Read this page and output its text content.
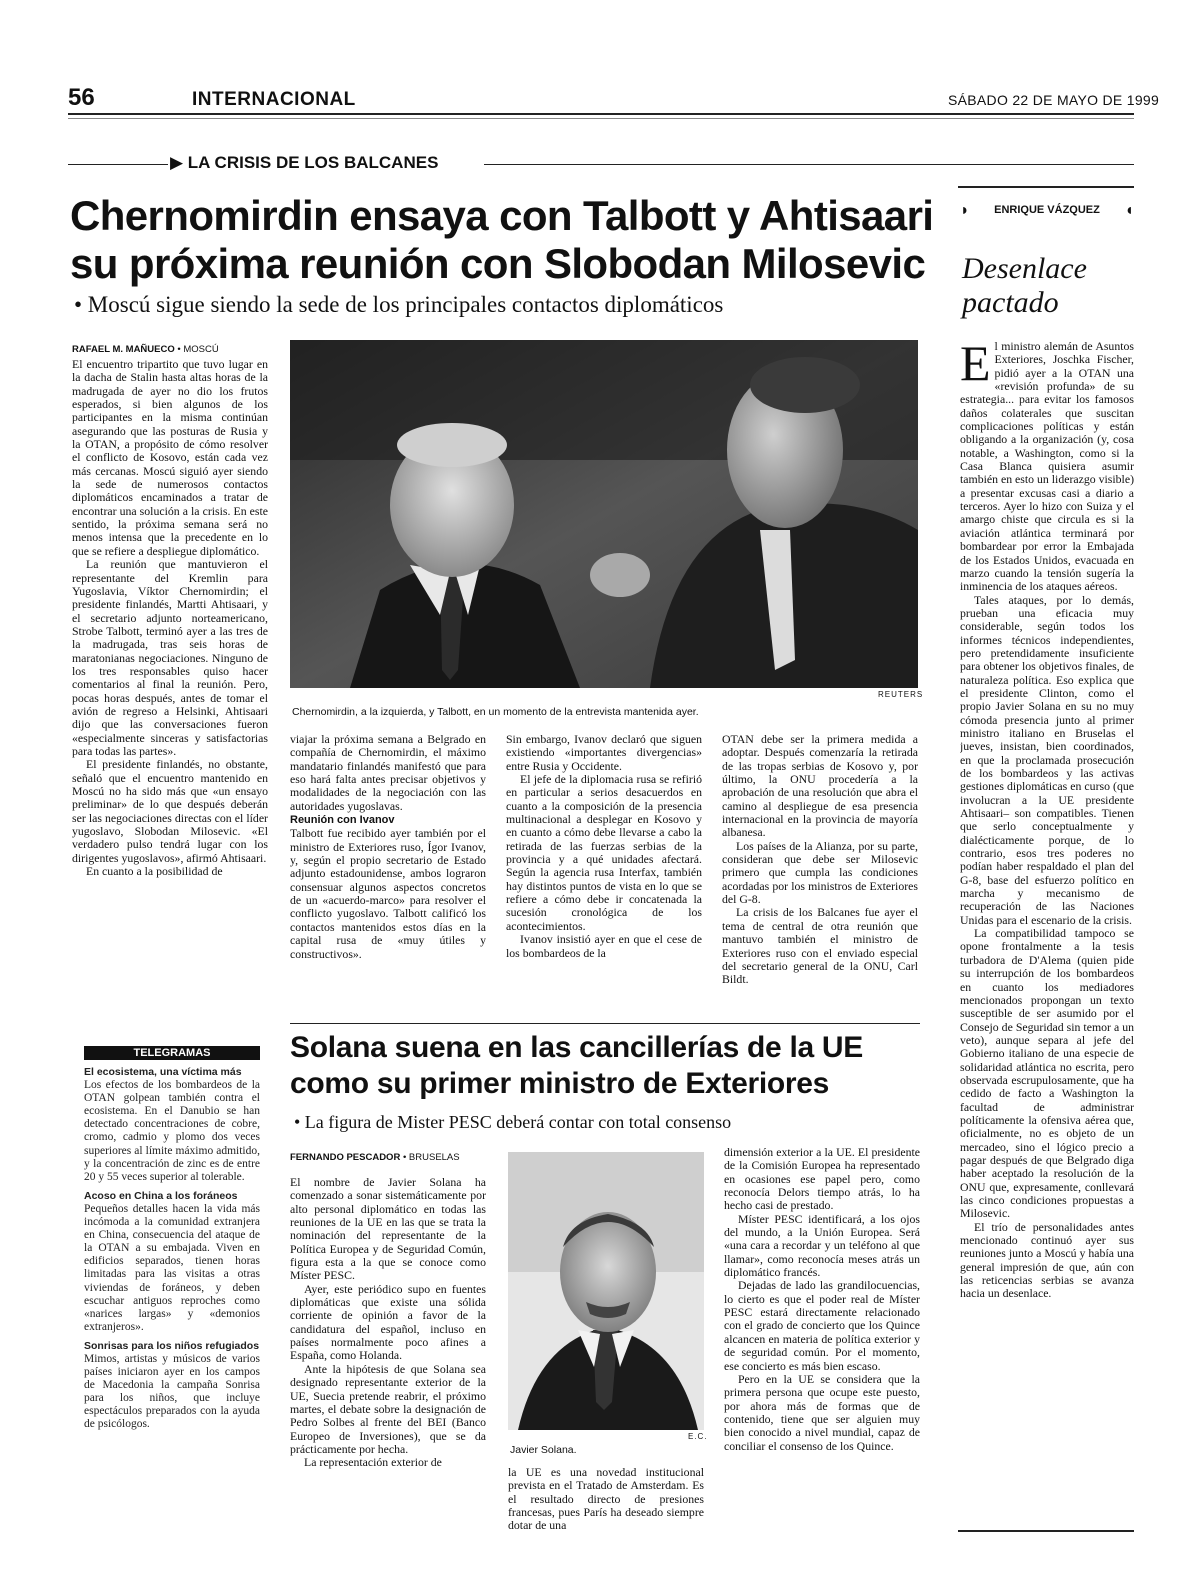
56	INTERNACIONAL	SÁBADO 22 DE MAYO DE 1999
▶ LA CRISIS DE LOS BALCANES
Chernomirdin ensaya con Talbott y Ahtisaari
su próxima reunión con Slobodan Milosevic
• Moscú sigue siendo la sede de los principales contactos diplomáticos
RAFAEL M. MAÑUECO • MOSCÚ
REUTERS
Chernomirdin, a la izquierda, y Talbott, en un momento de la entrevista mantenida ayer.

El encuentro tripartito que tuvo lugar en la dacha de Stalin hasta altas horas de la madrugada de ayer no dio los frutos esperados, si bien algunos de los participantes en la misma continúan asegurando que las posturas de Rusia y la OTAN, a propósito de cómo resolver el conflicto de Kosovo, están cada vez más cercanas. Moscú siguió ayer siendo la sede de numerosos contactos diplomáticos encaminados a tratar de encontrar una solución a la crisis. En este sentido, la próxima semana será no menos intensa que la precedente en lo que se refiere a despliegue diplomático.

La reunión que mantuvieron el representante del Kremlin para Yugoslavia, Víktor Chernomirdin; el presidente finlandés, Martti Ahtisaari, y el secretario adjunto norteamericano, Strobe Talbott, terminó ayer a las tres de la madrugada, tras seis horas de maratonianas negociaciones. Ninguno de los tres responsables quiso hacer comentarios al final la reunión. Pero, pocas horas después, antes de tomar el avión de regreso a Helsinki, Ahtisaari dijo que las conversaciones fueron «especialmente sinceras y satisfactorias para todas las partes».

El presidente finlandés, no obstante, señaló que el encuentro mantenido en Moscú no ha sido más que «un ensayo preliminar» de lo que después deberán ser las negociaciones directas con el líder yugoslavo, Slobodan Milosevic. «El verdadero pulso tendrá lugar con los dirigentes yugoslavos», afirmó Ahtisaari.

En cuanto a la posibilidad de

viajar la próxima semana a Belgrado en compañía de Chernomirdin, el máximo mandatario finlandés manifestó que para eso hará falta antes precisar objetivos y modalidades de la negociación con las autoridades yugoslavas.

Reunión con Ivanov

Talbott fue recibido ayer también por el ministro de Exteriores ruso, Ígor Ivanov, y, según el propio secretario de Estado adjunto estadounidense, ambos lograron consensuar algunos aspectos concretos de un «acuerdo-marco» para resolver el conflicto yugoslavo. Talbott calificó los contactos mantenidos estos días en la capital rusa de «muy útiles y constructivos».

Sin embargo, Ivanov declaró que siguen existiendo «importantes divergencias» entre Rusia y Occidente.

El jefe de la diplomacia rusa se refirió en particular a serios desacuerdos en cuanto a la composición de la presencia multinacional a desplegar en Kosovo y en cuanto a cómo debe llevarse a cabo la retirada de las fuerzas serbias de la provincia y a qué unidades afectará. Según la agencia rusa Interfax, también hay distintos puntos de vista en lo que se refiere a cómo debe ir concatenada la sucesión cronológica de los acontecimientos.

Ivanov insistió ayer en que el cese de los bombardeos de la

OTAN debe ser la primera medida a adoptar. Después comenzaría la retirada de las tropas serbias de Kosovo y, por último, la ONU procedería a la aprobación de una resolución que abra el camino al despliegue de esa presencia internacional en la provincia de mayoría albanesa.

Los países de la Alianza, por su parte, consideran que debe ser Milosevic primero que cumpla las condiciones acordadas por los ministros de Exteriores del G-8.

La crisis de los Balcanes fue ayer el tema de central de otra reunión que mantuvo también el ministro de Exteriores ruso con el enviado especial del secretario general de la ONU, Carl Bildt.

◗ ENRIQUE VÁZQUEZ ◖
Desenlace
pactado

El ministro alemán de Asuntos Exteriores, Joschka Fischer, pidió ayer a la OTAN una «revisión profunda» de su estrategia... para evitar los famosos daños colaterales que suscitan complicaciones políticas y están obligando a la organización (y, cosa notable, a Washington, como si la Casa Blanca quisiera asumir también en esto un liderazgo visible) a presentar excusas casi a diario a terceros. Ayer lo hizo con Suiza y el amargo chiste que circula es si la aviación atlántica terminará por bombardear por error la Embajada de los Estados Unidos, evacuada en marzo cuando la tensión sugería la inminencia de los ataques aéreos.

Tales ataques, por lo demás, prueban una eficacia muy considerable, según todos los informes técnicos independientes, pero pretendidamente insuficiente para obtener los objetivos finales, de naturaleza política. Eso explica que el presidente Clinton, como el propio Javier Solana en su no muy cómoda presencia junto al primer ministro italiano en Bruselas el jueves, insistan, bien coordinados, en que la proclamada prosecución de los bombardeos y las activas gestiones diplomáticas en curso (que involucran a la UE presidente Ahtisaari– son compatibles. Tienen que serlo conceptualmente y dialécticamente porque, de lo contrario, esos tres poderes no podían haber respaldado el plan del G-8, base del esfuerzo político en marcha y mecanismo de recuperación de las Naciones Unidas para el escenario de la crisis.

La compatibilidad tampoco se opone frontalmente a la tesis turbadora de D'Alema (quien pide su interrupción de los bombardeos en cuanto los mediadores mencionados propongan un texto susceptible de ser asumido por el Consejo de Seguridad sin temor a un veto), aunque separa al jefe del Gobierno italiano de una especie de solidaridad atlántica no escrita, pero observada escrupulosamente, que ha cedido de facto a Washington la facultad de administrar políticamente la ofensiva aérea que, oficialmente, no es objeto de un mercadeo, sino el lógico precio a pagar después de que Belgrado diga haber aceptado la resolución de la ONU que, expresamente, conllevará las cinco condiciones propuestas a Milosevic.

El trío de personalidades antes mencionado continuó ayer sus reuniones junto a Moscú y había una general impresión de que, aún con las reticencias serbias se avanza hacia un desenlace.

TELEGRAMAS
El ecosistema, una víctima más

Los efectos de los bombardeos de la OTAN golpean también contra el ecosistema. En el Danubio se han detectado concentraciones de cobre, cromo, cadmio y plomo dos veces superiores al límite máximo admitido, y la concentración de zinc es de entre 20 y 55 veces superior al tolerable.

Acoso en China a los foráneos

Pequeños detalles hacen la vida más incómoda a la comunidad extranjera en China, consecuencia del ataque de la OTAN a su embajada. Viven en edificios separados, tienen horas limitadas para las visitas a otras viviendas de foráneos, y deben escuchar antiguos reproches como «narices largas» y «demonios extranjeros».

Sonrisas para los niños refugiados

Mimos, artistas y músicos de varios países iniciaron ayer en los campos de Macedonia la campaña Sonrisa para los niños, que incluye espectáculos preparados con la ayuda de psicólogos.

Solana suena en las cancillerías de la UE
como su primer ministro de Exteriores
• La figura de Mister PESC deberá contar con total consenso
FERNANDO PESCADOR • BRUSELAS

El nombre de Javier Solana ha comenzado a sonar sistemáticamente por alto personal diplomático en todas las reuniones de la UE en las que se trata la nominación del representante de la Política Europea y de Seguridad Común, figura esta a la que se conoce como Míster PESC.

Ayer, este periódico supo en fuentes diplomáticas que existe una sólida corriente de opinión a favor de la candidatura del español, incluso en países normalmente poco afines a España, como Holanda.

Ante la hipótesis de que Solana sea designado representante exterior de la UE, Suecia pretende reabrir, el próximo martes, el debate sobre la designación de Pedro Solbes al frente del BEI (Banco Europeo de Inversiones), que se da prácticamente por hecha.

La representación exterior de

E.C.
Javier Solana.

la UE es una novedad institucional prevista en el Tratado de Amsterdam. Es el resultado directo de presiones francesas, pues París ha deseado siempre dotar de una

dimensión exterior a la UE. El presidente de la Comisión Europea ha representado en ocasiones ese papel pero, como reconocía Delors tiempo atrás, lo ha hecho casi de prestado.

Míster PESC identificará, a los ojos del mundo, a la Unión Europea. Será «una cara a recordar y un teléfono al que llamar», como reconocía meses atrás un diplomático francés.

Dejadas de lado las grandilocuencias, lo cierto es que el poder real de Míster PESC estará directamente relacionado con el grado de concierto que los Quince alcancen en materia de política exterior y de seguridad común. Por el momento, ese concierto es más bien escaso.

Pero en la UE se considera que la primera persona que ocupe este puesto, por ahora más de formas que de contenido, tiene que ser alguien muy bien conocido a nivel mundial, capaz de conciliar el consenso de los Quince.
